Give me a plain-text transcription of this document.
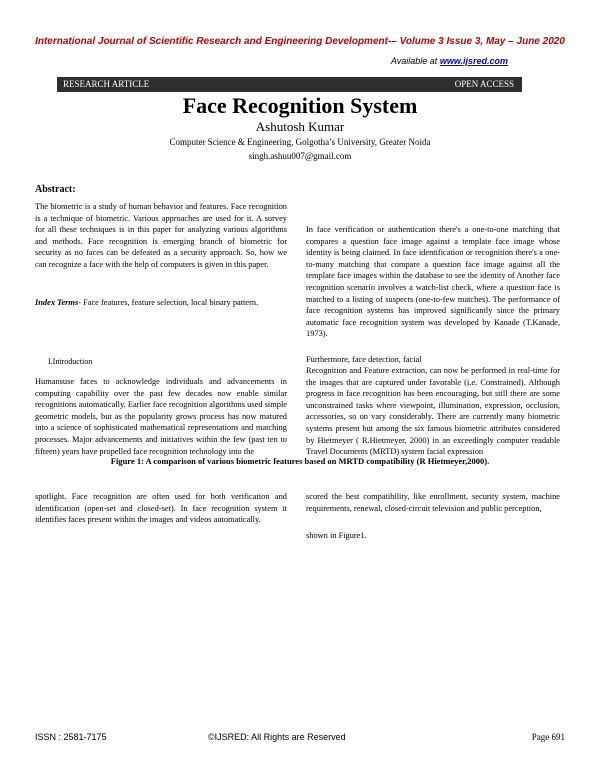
International Journal of Scientific Research and Engineering Development-– Volume 3 Issue 3, May – June 2020
Available at www.ijsred.com
RESEARCH ARTICLE	OPEN ACCESS
Face Recognition System
Ashutosh Kumar
Computer Science & Engineering, Golgotha’s University, Greater Noida
singh.ashuu007@gmail.com
Abstract:
The biometric is a study of human behavior and features. Face recognition is a technique of biometric. Various approaches are used for it. A survey for all these techniques is in this paper for analyzing various algorithms and methods. Face recognition is emerging branch of biometric for security as no faces can be defeated as a security approach. So, how we can recognize a face with the help of computers is given in this paper.
Index Terms- Face features, feature selection, local binary pattern.
I.Introduction
Humansuse faces to acknowledge individuals and advancements in computing capability over the past few decades now enable similar recognitions automatically. Earlier face recognition algorithms used simple geometric models, but as the popularity grows process has now matured into a science of sophisticated mathematical representations and matching processes. Major advancements and initiatives within the few (past ten to fifteen) years have propelled face recognition technology into the
In face verification or authentication there's a one-to-one matching that compares a question face image against a template face image whose identity is being claimed. In face identification or recognition there's a one-to-many matching that compare a question face image against all the template face images within the database to see the identity of Another face recognition scenario involves a watch-list check, where a question face is matched to a listing of suspects (one-to-few matches). The performance of face recognition systems has improved significantly since the primary automatic face recognition system was developed by Kanade (T.Kanade, 1973).
Furthermore, face detection, facial
Recognition and Feature extraction, can now be performed in real-time for the images that are captured under favorable (i.e. Constrained). Although progress in face recognition has been encouraging, but still there are some unconstrained tasks where viewpoint, illumination, expression, occlusion, accessories, so on vary considerably. There are currently many biometric systems present but among the six famous biometric attributes considered by Hietmeyer ( R.Hietmeyer, 2000) in an exceedingly computer readable Travel Documents (MRTD) system facial expression
Figure 1: A comparison of various biometric features based on MRTD compatibility (R Hietmeyer,2000).
spotlight. Face recognition are often used for both verification and identification (open-set and closed-set). In face recognition system it identifies faces present within the images and videos automatically.
scored the best compatibility, like enrollment, security system, machine requirements, renewal, closed-circuit television and public perception,
shown in Figure1.
ISSN : 2581-7175	©IJSRED: All Rights are Reserved	Page 691
